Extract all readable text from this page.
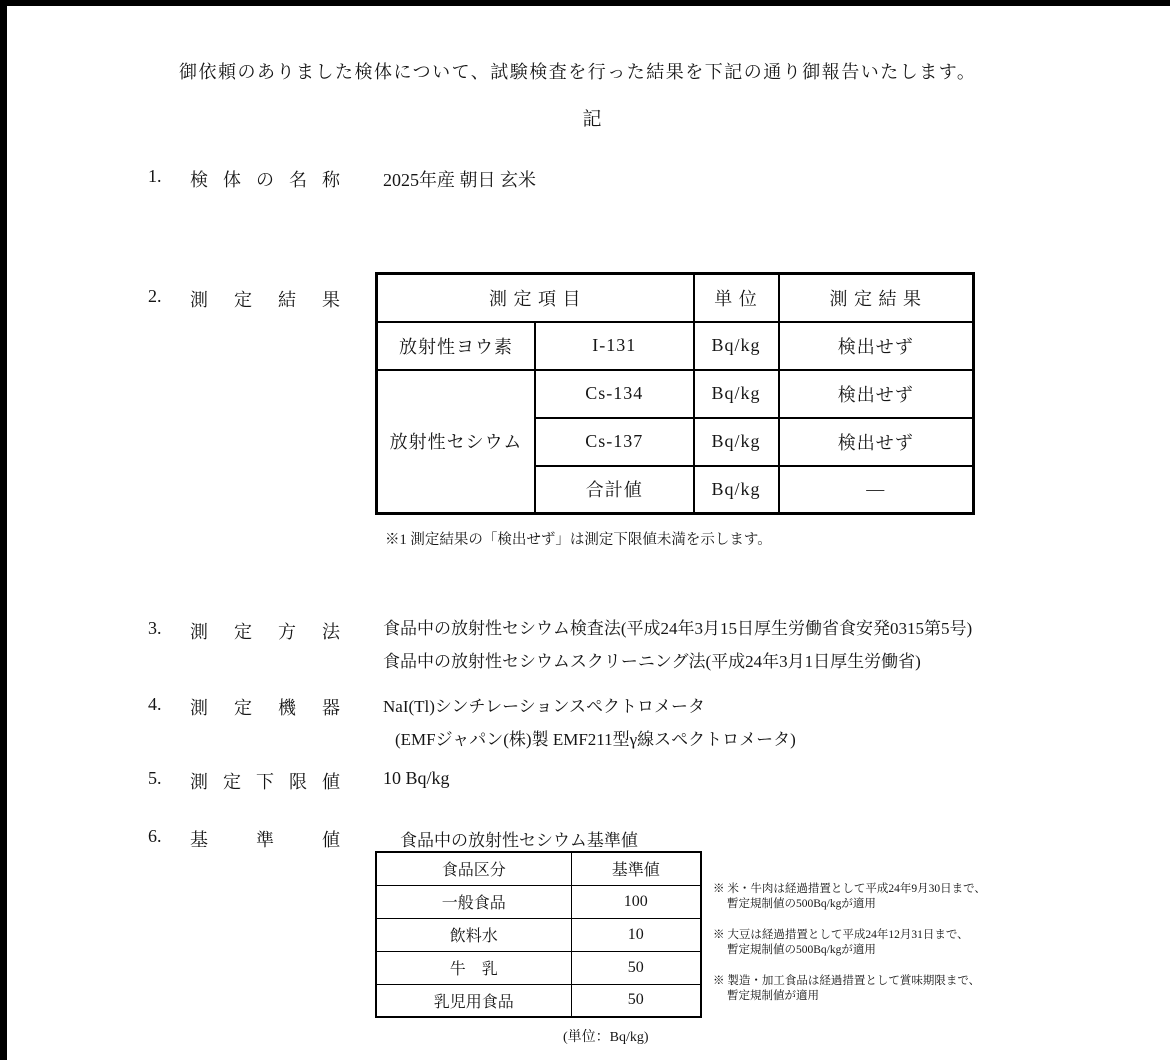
御依頼のありました検体について、試験検査を行った結果を下記の通り御報告いたします。
記
1.	検体の名称 2025年産 朝日 玄米
2.	測定結果	測 定 項 目		単 位	測 定 結 果
放射性ヨウ素	I-131	Bq/kg	検出せず
放射性セシウム	Cs-134	Bq/kg	検出せず
	Cs-137	Bq/kg	検出せず
	合計値	Bq/kg	—
※1 測定結果の「検出せず」は測定下限値未満を示します。
3.	測定方法	食品中の放射性セシウム検査法(平成24年3月15日厚生労働省食安発0315第5号)
食品中の放射性セシウムスクリーニング法(平成24年3月1日厚生労働省)
4.	測定機器	NaI(Tl)シンチレーションスペクトロメータ
(EMFジャパン(株)製 EMF211型γ線スペクトロメータ)
5.	測定下限値 10 Bq/kg
6.	基準値	食品中の放射性セシウム基準値
食品区分	基準値
一般食品	100
飲料水	10
牛　乳	50
乳児用食品	50
(単位：Bq/kg)
※ 米・牛肉は経過措置として平成24年9月30日まで、
暫定規制値の500Bq/kgが適用
※ 大豆は経過措置として平成24年12月31日まで、
暫定規制値の500Bq/kgが適用
※ 製造・加工食品は経過措置として賞味期限まで、
暫定規制値が適用
